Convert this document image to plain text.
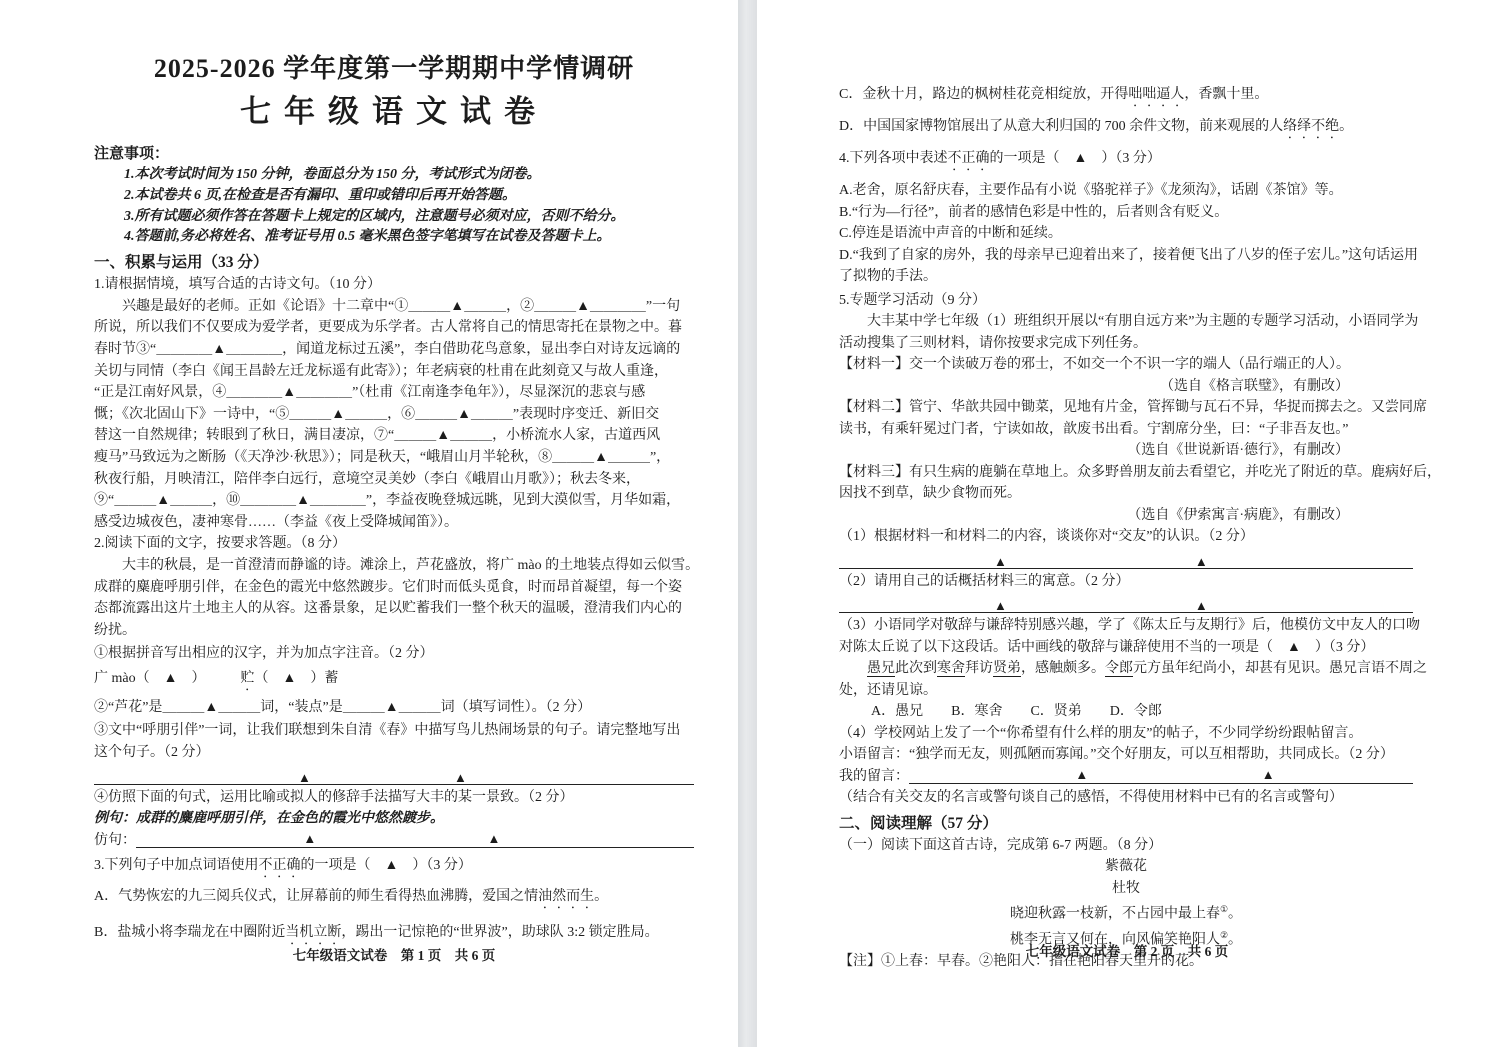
2025-2026 学年度第一学期期中学情调研
七年级语文试卷
注意事项：
1.本次考试时间为 150 分钟，卷面总分为 150 分，考试形式为闭卷。
2.本试卷共 6 页,在检查是否有漏印、重印或错印后再开始答题。
3.所有试题必须作答在答题卡上规定的区域内，注意题号必须对应，否则不给分。
4.答题前,务必将姓名、准考证号用 0.5 毫米黑色签字笔填写在试卷及答题卡上。
一、积累与运用（33 分）
1.请根据情境，填写合适的古诗文句。（10 分）
　　兴趣是最好的老师。正如《论语》十二章中“①＿＿＿▲＿＿＿，②＿＿＿▲＿＿＿＿”一句
所说，所以我们不仅要成为爱学者，更要成为乐学者。古人常将自己的情思寄托在景物之中。暮
春时节③“＿＿＿＿▲＿＿＿＿，闻道龙标过五溪”，李白借助花鸟意象，显出李白对诗友远谪的
关切与同情（李白《闻王昌龄左迁龙标遥有此寄》）；年老病衰的杜甫在此刻竟又与故人重逢，
“正是江南好风景，④＿＿＿＿▲＿＿＿＿”（杜甫《江南逢李龟年》），尽显深沉的悲哀与感
慨；《次北固山下》一诗中，“⑤＿＿＿▲＿＿＿，⑥＿＿＿▲＿＿＿”表现时序变迁、新旧交
替这一自然规律；转眼到了秋日，满目凄凉，⑦“＿＿＿▲＿＿＿，小桥流水人家，古道西风
瘦马”马致远为之断肠（《天净沙·秋思》）；同是秋天，“峨眉山月半轮秋，⑧＿＿＿▲＿＿＿”，
秋夜行船，月映清江，陪伴李白远行，意境空灵美妙（李白《峨眉山月歌》）；秋去冬来，
⑨“＿＿＿▲＿＿＿，⑩＿＿＿＿▲＿＿＿＿”，李益夜晚登城远眺，见到大漠似雪，月华如霜，
感受边城夜色，凄神寒骨……（李益《夜上受降城闻笛》）。
2.阅读下面的文字，按要求答题。（8 分）
　　大丰的秋晨，是一首澄清而静谧的诗。滩涂上，芦花盛放，将广 mào 的土地装点得如云似雪。
成群的麋鹿呼朋引伴，在金色的霞光中悠然踱步。它们时而低头觅食，时而昂首凝望，每一个姿
态都流露出这片土地主人的从容。这番景象，足以贮蓄我们一整个秋天的温暖，澄清我们内心的
纷扰。
①根据拼音写出相应的汉字，并为加点字注音。（2 分）
广 mào（　▲　）　　　贮（　▲　）蓄
②“芦花”是＿＿＿▲＿＿＿词，“装点”是＿＿＿▲＿＿＿词（填写词性）。（2 分）
③文中“呼朋引伴”一词，让我们联想到朱自清《春》中描写鸟儿热闹场景的句子。请完整地写出
这个句子。（2 分）
▲	▲
④仿照下面的句式，运用比喻或拟人的修辞手法描写大丰的某一景致。（2 分）
例句：成群的麋鹿呼朋引伴，在金色的霞光中悠然踱步。
仿句：	▲	▲
3.下列句子中加点词语使用不正确的一项是（　▲　）（3 分）
A．气势恢宏的九三阅兵仪式，让屏幕前的师生看得热血沸腾，爱国之情油然而生。
B．盐城小将李瑞龙在中圈附近当机立断，踢出一记惊艳的“世界波”，助球队 3:2 锁定胜局。
七年级语文试卷　第 1 页　共 6 页
C．金秋十月，路边的枫树桂花竞相绽放，开得咄咄逼人，香飘十里。
D．中国国家博物馆展出了从意大利归国的 700 余件文物，前来观展的人络绎不绝。
4.下列各项中表述不正确的一项是（　▲　）（3 分）
A.老舍，原名舒庆春，主要作品有小说《骆驼祥子》《龙须沟》，话剧《茶馆》等。
B.“行为—行径”，前者的感情色彩是中性的，后者则含有贬义。
C.停连是语流中声音的中断和延续。
D.“我到了自家的房外，我的母亲早已迎着出来了，接着便飞出了八岁的侄子宏儿。”这句话运用
了拟物的手法。
5.专题学习活动（9 分）
　　大丰某中学七年级（1）班组织开展以“有朋自远方来”为主题的专题学习活动，小语同学为
活动搜集了三则材料，请你按要求完成下列任务。
【材料一】交一个读破万卷的邪士，不如交一个不识一字的端人（品行端正的人）。
（选自《格言联璧》，有删改）
【材料二】管宁、华歆共园中锄菜，见地有片金，管挥锄与瓦石不异，华捉而掷去之。又尝同席
读书，有乘轩冕过门者，宁读如故，歆废书出看。宁割席分坐，曰：“子非吾友也。”
（选自《世说新语·德行》，有删改）
【材料三】有只生病的鹿躺在草地上。众多野兽朋友前去看望它，并吃光了附近的草。鹿病好后，
因找不到草，缺少食物而死。
（选自《伊索寓言·病鹿》，有删改）
（1）根据材料一和材料二的内容，谈谈你对“交友”的认识。（2 分）
▲	▲
（2）请用自己的话概括材料三的寓意。（2 分）
▲	▲
（3）小语同学对敬辞与谦辞特别感兴趣，学了《陈太丘与友期行》后，他模仿文中友人的口吻
对陈太丘说了以下这段话。话中画线的敬辞与谦辞使用不当的一项是（　▲　）（3 分）
　　愚兄此次到寒舍拜访贤弟，感触颇多。令郎元方虽年纪尚小，却甚有见识。愚兄言语不周之
处，还请见谅。
A．愚兄　　B．寒舍　　C．贤弟　　D．令郎
（4）学校网站上发了一个“你希望有什么样的朋友”的帖子，不少同学纷纷跟帖留言。
小语留言：“独学而无友，则孤陋而寡闻。”交个好朋友，可以互相帮助，共同成长。（2 分）
我的留言：	▲	▲
（结合有关交友的名言或警句谈自己的感悟，不得使用材料中已有的名言或警句）
二、阅读理解（57 分）
（一）阅读下面这首古诗，完成第 6-7 两题。（8 分）
紫薇花
杜牧
晓迎秋露一枝新，不占园中最上春①。
桃李无言又何在，向风偏笑艳阳人②。
【注】①上春：早春。②艳阳人：指在艳阳春天里开的花。
七年级语文试卷　第 2 页　共 6 页
